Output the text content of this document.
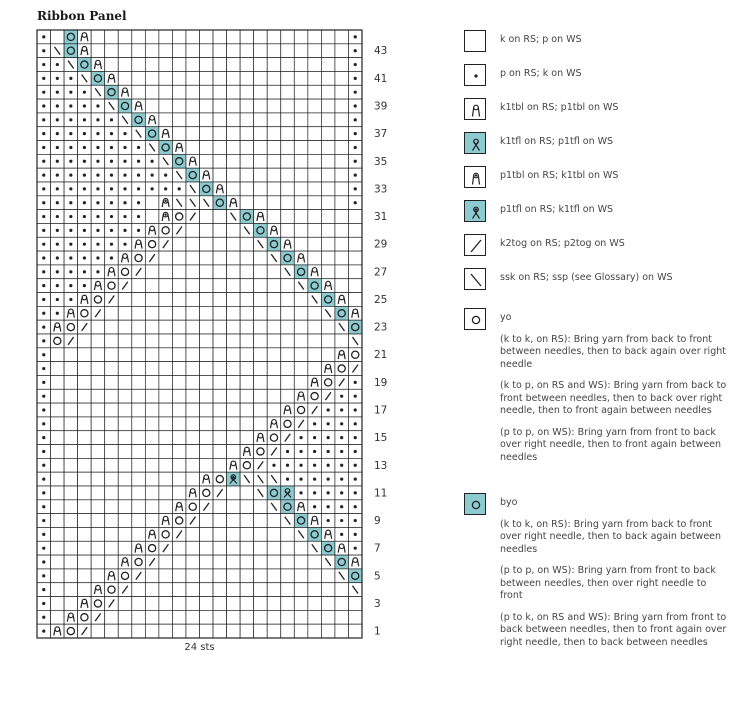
Ribbon Panel
43
41
39
37
35
33
31
29
27
25
23
21
19
17
15
13
11
9
7
5
3
1
24 sts

k on RS; p on WS

p on RS; k on WS

k1tbl on RS; p1tbl on WS

k1tfl on RS; p1tfl on WS

p1tbl on RS; k1tbl on WS

p1tfl on RS; k1tfl on WS

k2tog on RS; p2tog on WS

ssk on RS; ssp (see Glossary) on WS

yo

(k to k, on RS): Bring yarn from back to front between needles, then to back again over right needle

(k to p, on RS and WS): Bring yarn from back to front between needles, then to back over right needle, then to front again between needles

(p to p, on WS): Bring yarn from front to back over right needle, then to front again between needles

byo

(k to k, on RS): Bring yarn from back to front over right needle, then to back again between needles

(p to p, on WS): Bring yarn from front to back between needles, then over right needle to front

(p to k, on RS and WS): Bring yarn from front to back between needles, then to front again over right needle, then to back between needles
